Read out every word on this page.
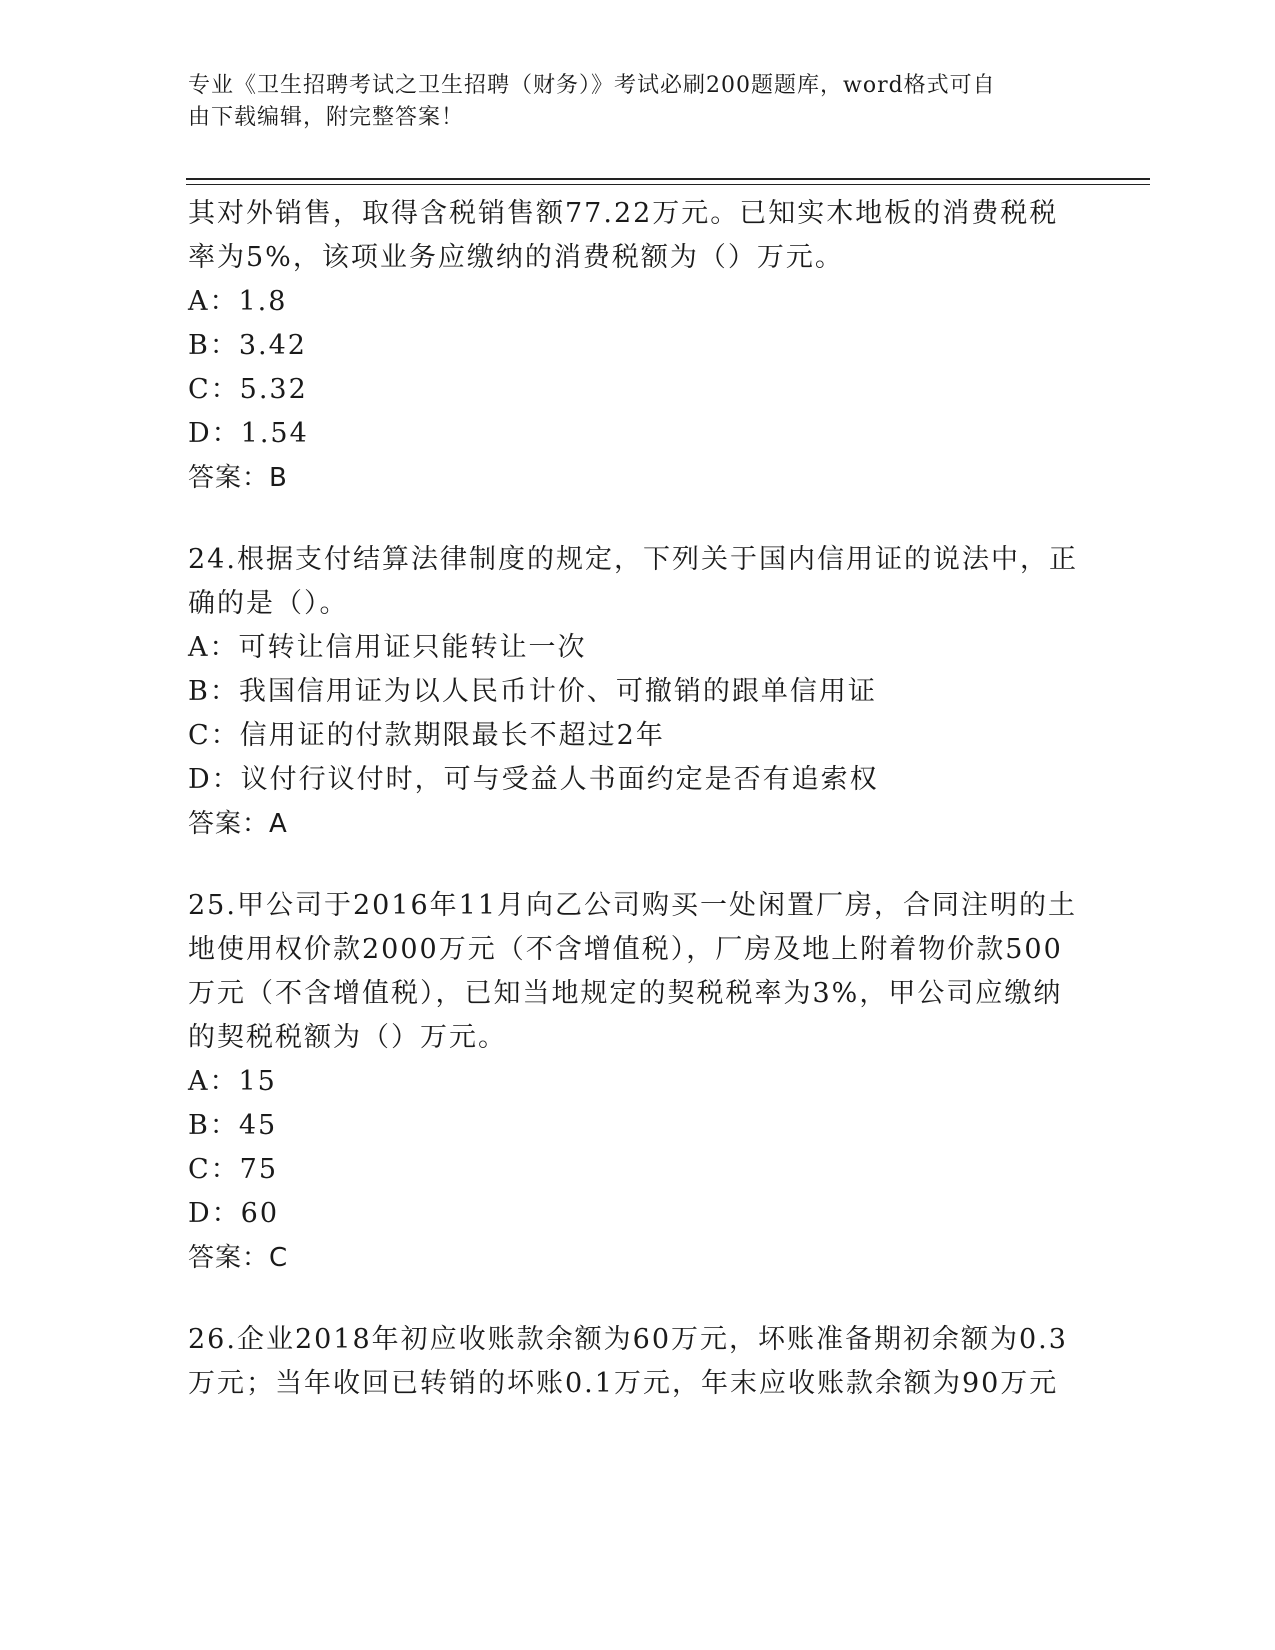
专业《卫生招聘考试之卫生招聘（财务）》考试必刷200题题库，word格式可自
由下载编辑，附完整答案！
其对外销售，取得含税销售额77.22万元。已知实木地板的消费税税
率为5%，该项业务应缴纳的消费税额为（）万元。
A：1.8
B：3.42
C：5.32
D：1.54
答案：B
24.根据支付结算法律制度的规定，下列关于国内信用证的说法中，正
确的是（）。
A：可转让信用证只能转让一次
B：我国信用证为以人民币计价、可撤销的跟单信用证
C：信用证的付款期限最长不超过2年
D：议付行议付时，可与受益人书面约定是否有追索权
答案：A
25.甲公司于2016年11月向乙公司购买一处闲置厂房，合同注明的土
地使用权价款2000万元（不含增值税），厂房及地上附着物价款500
万元（不含增值税），已知当地规定的契税税率为3%，甲公司应缴纳
的契税税额为（）万元。
A：15
B：45
C：75
D：60
答案：C
26.企业2018年初应收账款余额为60万元，坏账准备期初余额为0.3
万元；当年收回已转销的坏账0.1万元，年末应收账款余额为90万元
